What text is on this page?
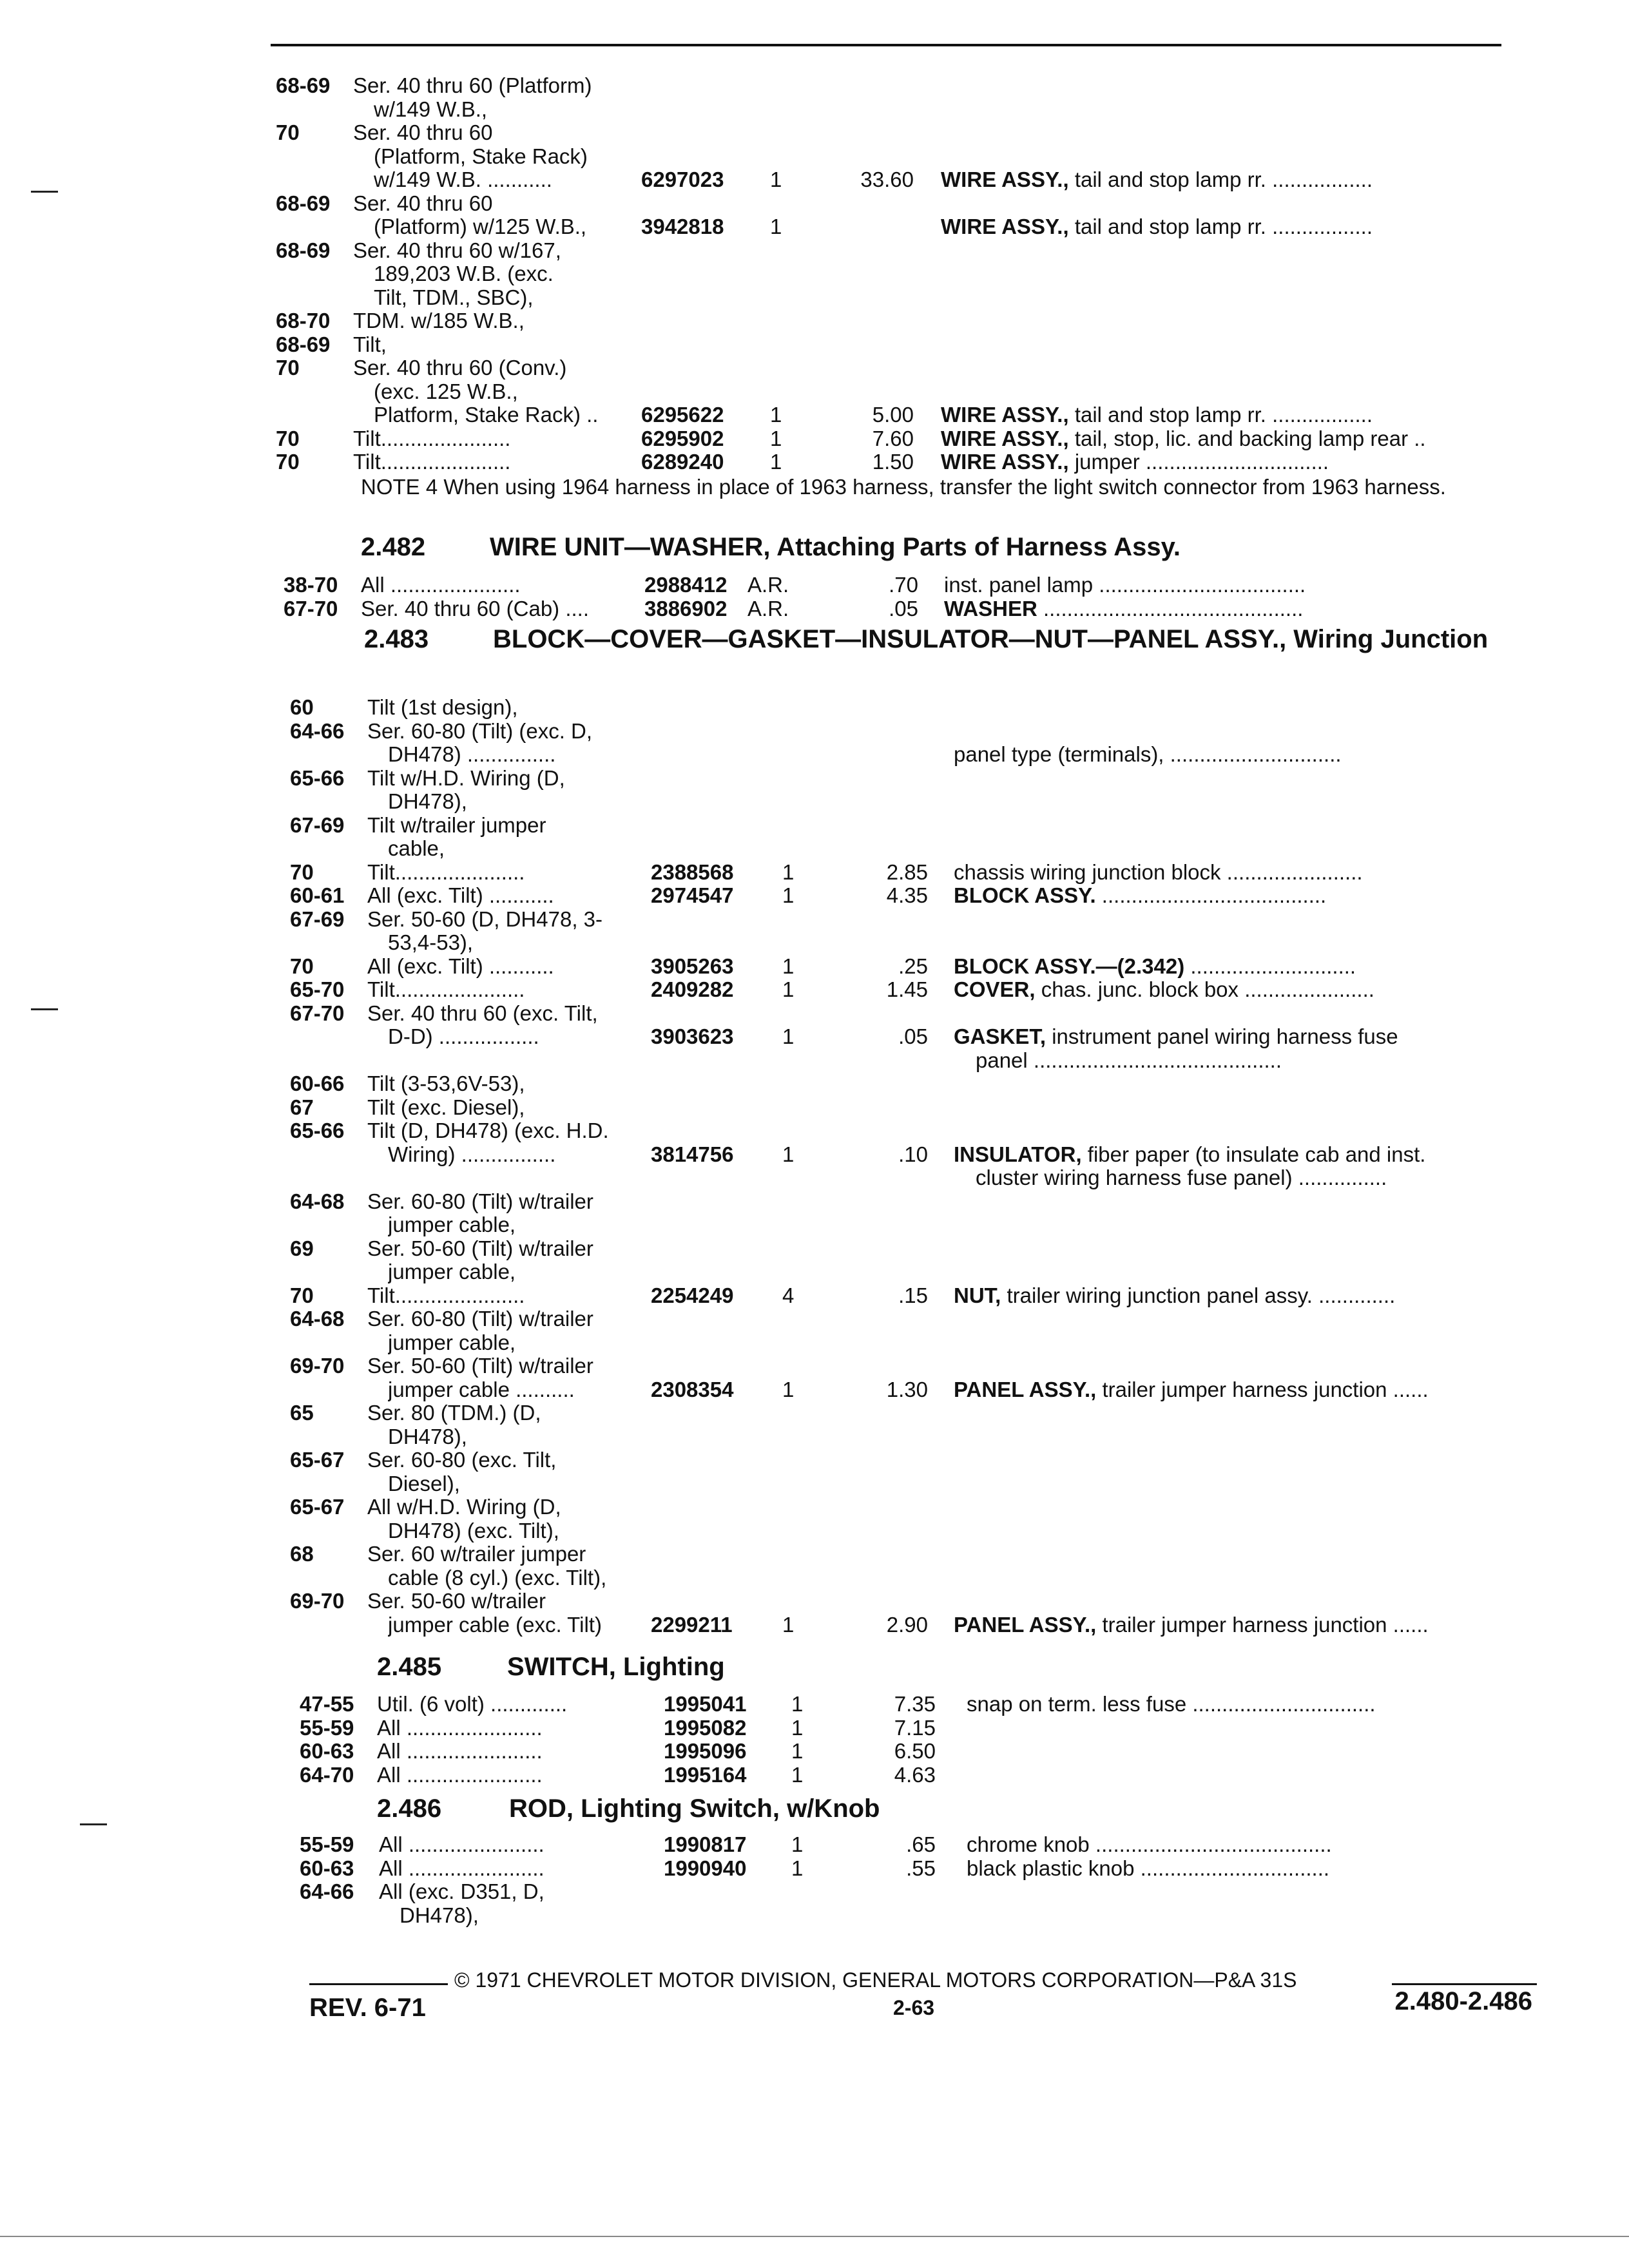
68-69 Ser. 40 thru 60 (Platform)
w/149 W.B.,
70	Ser. 40 thru 60
(Platform, Stake Rack)
w/149 W.B. ...........	6297023 1	33.60 WIRE ASSY., tail and stop lamp rr. .................
68-69 Ser. 40 thru 60
(Platform) w/125 W.B.,	3942818 1	WIRE ASSY., tail and stop lamp rr. .................
68-69 Ser. 40 thru 60 w/167,
189,203 W.B. (exc.
Tilt, TDM., SBC),
68-70 TDM. w/185 W.B.,
68-69 Tilt,
70	Ser. 40 thru 60 (Conv.)
(exc. 125 W.B.,
Platform, Stake Rack) .. 6295622 1	5.00 WIRE ASSY., tail and stop lamp rr. .................
70	Tilt......................	6295902 1	7.60 WIRE ASSY., tail, stop, lic. and backing lamp rear ..
70	Tilt......................	6289240 1	1.50 WIRE ASSY., jumper ...............................
NOTE 4 When using 1964 harness in place of 1963 harness, transfer the light switch connector from 1963 harness.
2.482 WIRE UNIT—WASHER, Attaching Parts of Harness Assy.
38-70 All ......................	2988412 A.R.	.70 inst. panel lamp ...................................
67-70 Ser. 40 thru 60 (Cab) ....	3886902 A.R.	.05 WASHER ............................................
2.483 BLOCK—COVER—GASKET—INSULATOR—NUT—PANEL ASSY., Wiring Junction
60	Tilt (1st design),
64-66 Ser. 60-80 (Tilt) (exc. D,
DH478) ...............	panel type (terminals), .............................
65-66 Tilt w/H.D. Wiring (D,
DH478),
67-69 Tilt w/trailer jumper
cable,
70	Tilt......................	2388568 1	2.85 chassis wiring junction block .......................
60-61 All (exc. Tilt) ...........	2974547 1	4.35 BLOCK ASSY. ......................................
67-69 Ser. 50-60 (D, DH478, 3-
53,4-53),
70	All (exc. Tilt) ...........	3905263 1	.25 BLOCK ASSY.—(2.342) ............................
65-70 Tilt......................	2409282 1	1.45 COVER, chas. junc. block box ......................
67-70 Ser. 40 thru 60 (exc. Tilt,
D-D) .................	3903623 1	.05 GASKET, instrument panel wiring harness fuse
panel ..........................................
60-66 Tilt (3-53,6V-53),
67	Tilt (exc. Diesel),
65-66 Tilt (D, DH478) (exc. H.D.
Wiring) ................	3814756 1	.10 INSULATOR, fiber paper (to insulate cab and inst.
cluster wiring harness fuse panel) ...............
64-68 Ser. 60-80 (Tilt) w/trailer
jumper cable,
69	Ser. 50-60 (Tilt) w/trailer
jumper cable,
70	Tilt......................	2254249 4	.15 NUT, trailer wiring junction panel assy. .............
64-68 Ser. 60-80 (Tilt) w/trailer
jumper cable,
69-70 Ser. 50-60 (Tilt) w/trailer
jumper cable ..........	2308354 1	1.30 PANEL ASSY., trailer jumper harness junction ......
65	Ser. 80 (TDM.) (D,
DH478),
65-67 Ser. 60-80 (exc. Tilt,
Diesel),
65-67 All w/H.D. Wiring (D,
DH478) (exc. Tilt),
68	Ser. 60 w/trailer jumper
cable (8 cyl.) (exc. Tilt),
69-70 Ser. 50-60 w/trailer
jumper cable (exc. Tilt) 2299211 1	2.90 PANEL ASSY., trailer jumper harness junction ......
2.485	SWITCH, Lighting
47-55 Util. (6 volt) .............	1995041 1	7.35 snap on term. less fuse ...............................
55-59 All .......................	1995082 1	7.15
60-63 All .......................	1995096 1	6.50
64-70 All .......................	1995164 1	4.63
2.486	ROD, Lighting Switch, w/Knob
55-59 All .......................	1990817 1	.65 chrome knob ........................................
60-63 All .......................	1990940 1	.55 black plastic knob ................................
64-66 All (exc. D351, D,
DH478),
© 1971 CHEVROLET MOTOR DIVISION, GENERAL MOTORS CORPORATION—P&A 31S
REV. 6-71	2-63	2.480-2.486
